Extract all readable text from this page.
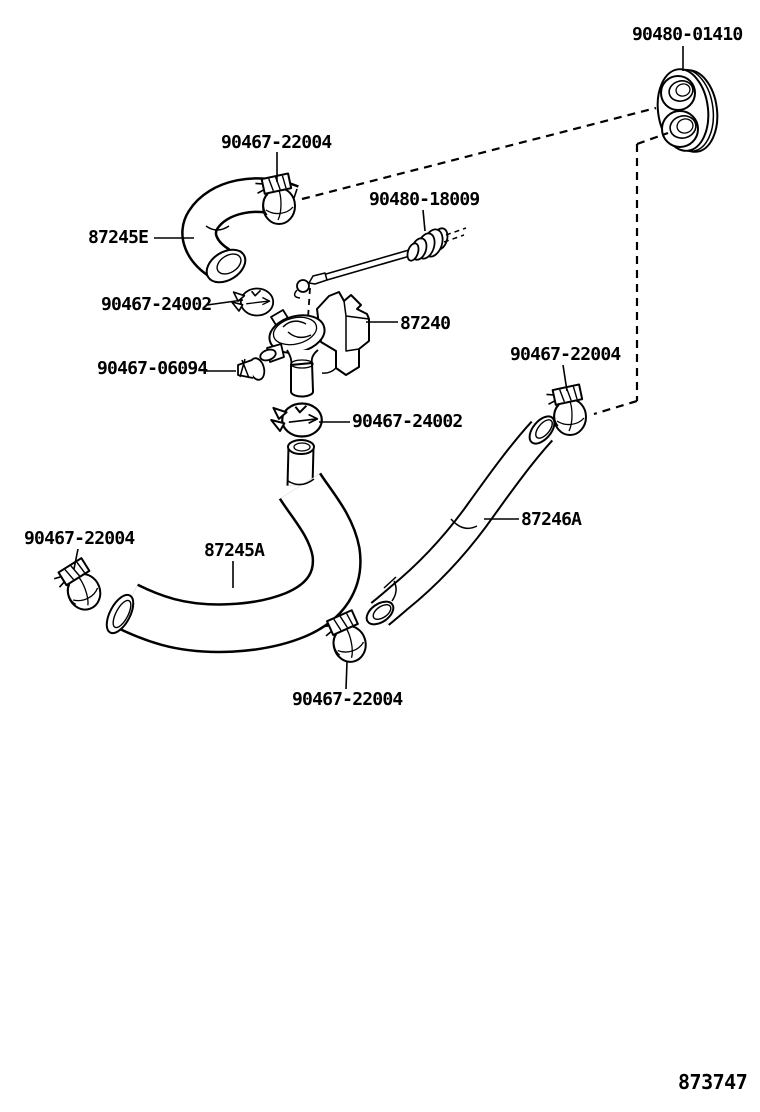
90480-01410
90467-22004
90480-18009
87245E
90467-24002
87240
90467-06094
90467-22004
90467-24002
87246A
90467-22004
87245A
90467-22004
873747
